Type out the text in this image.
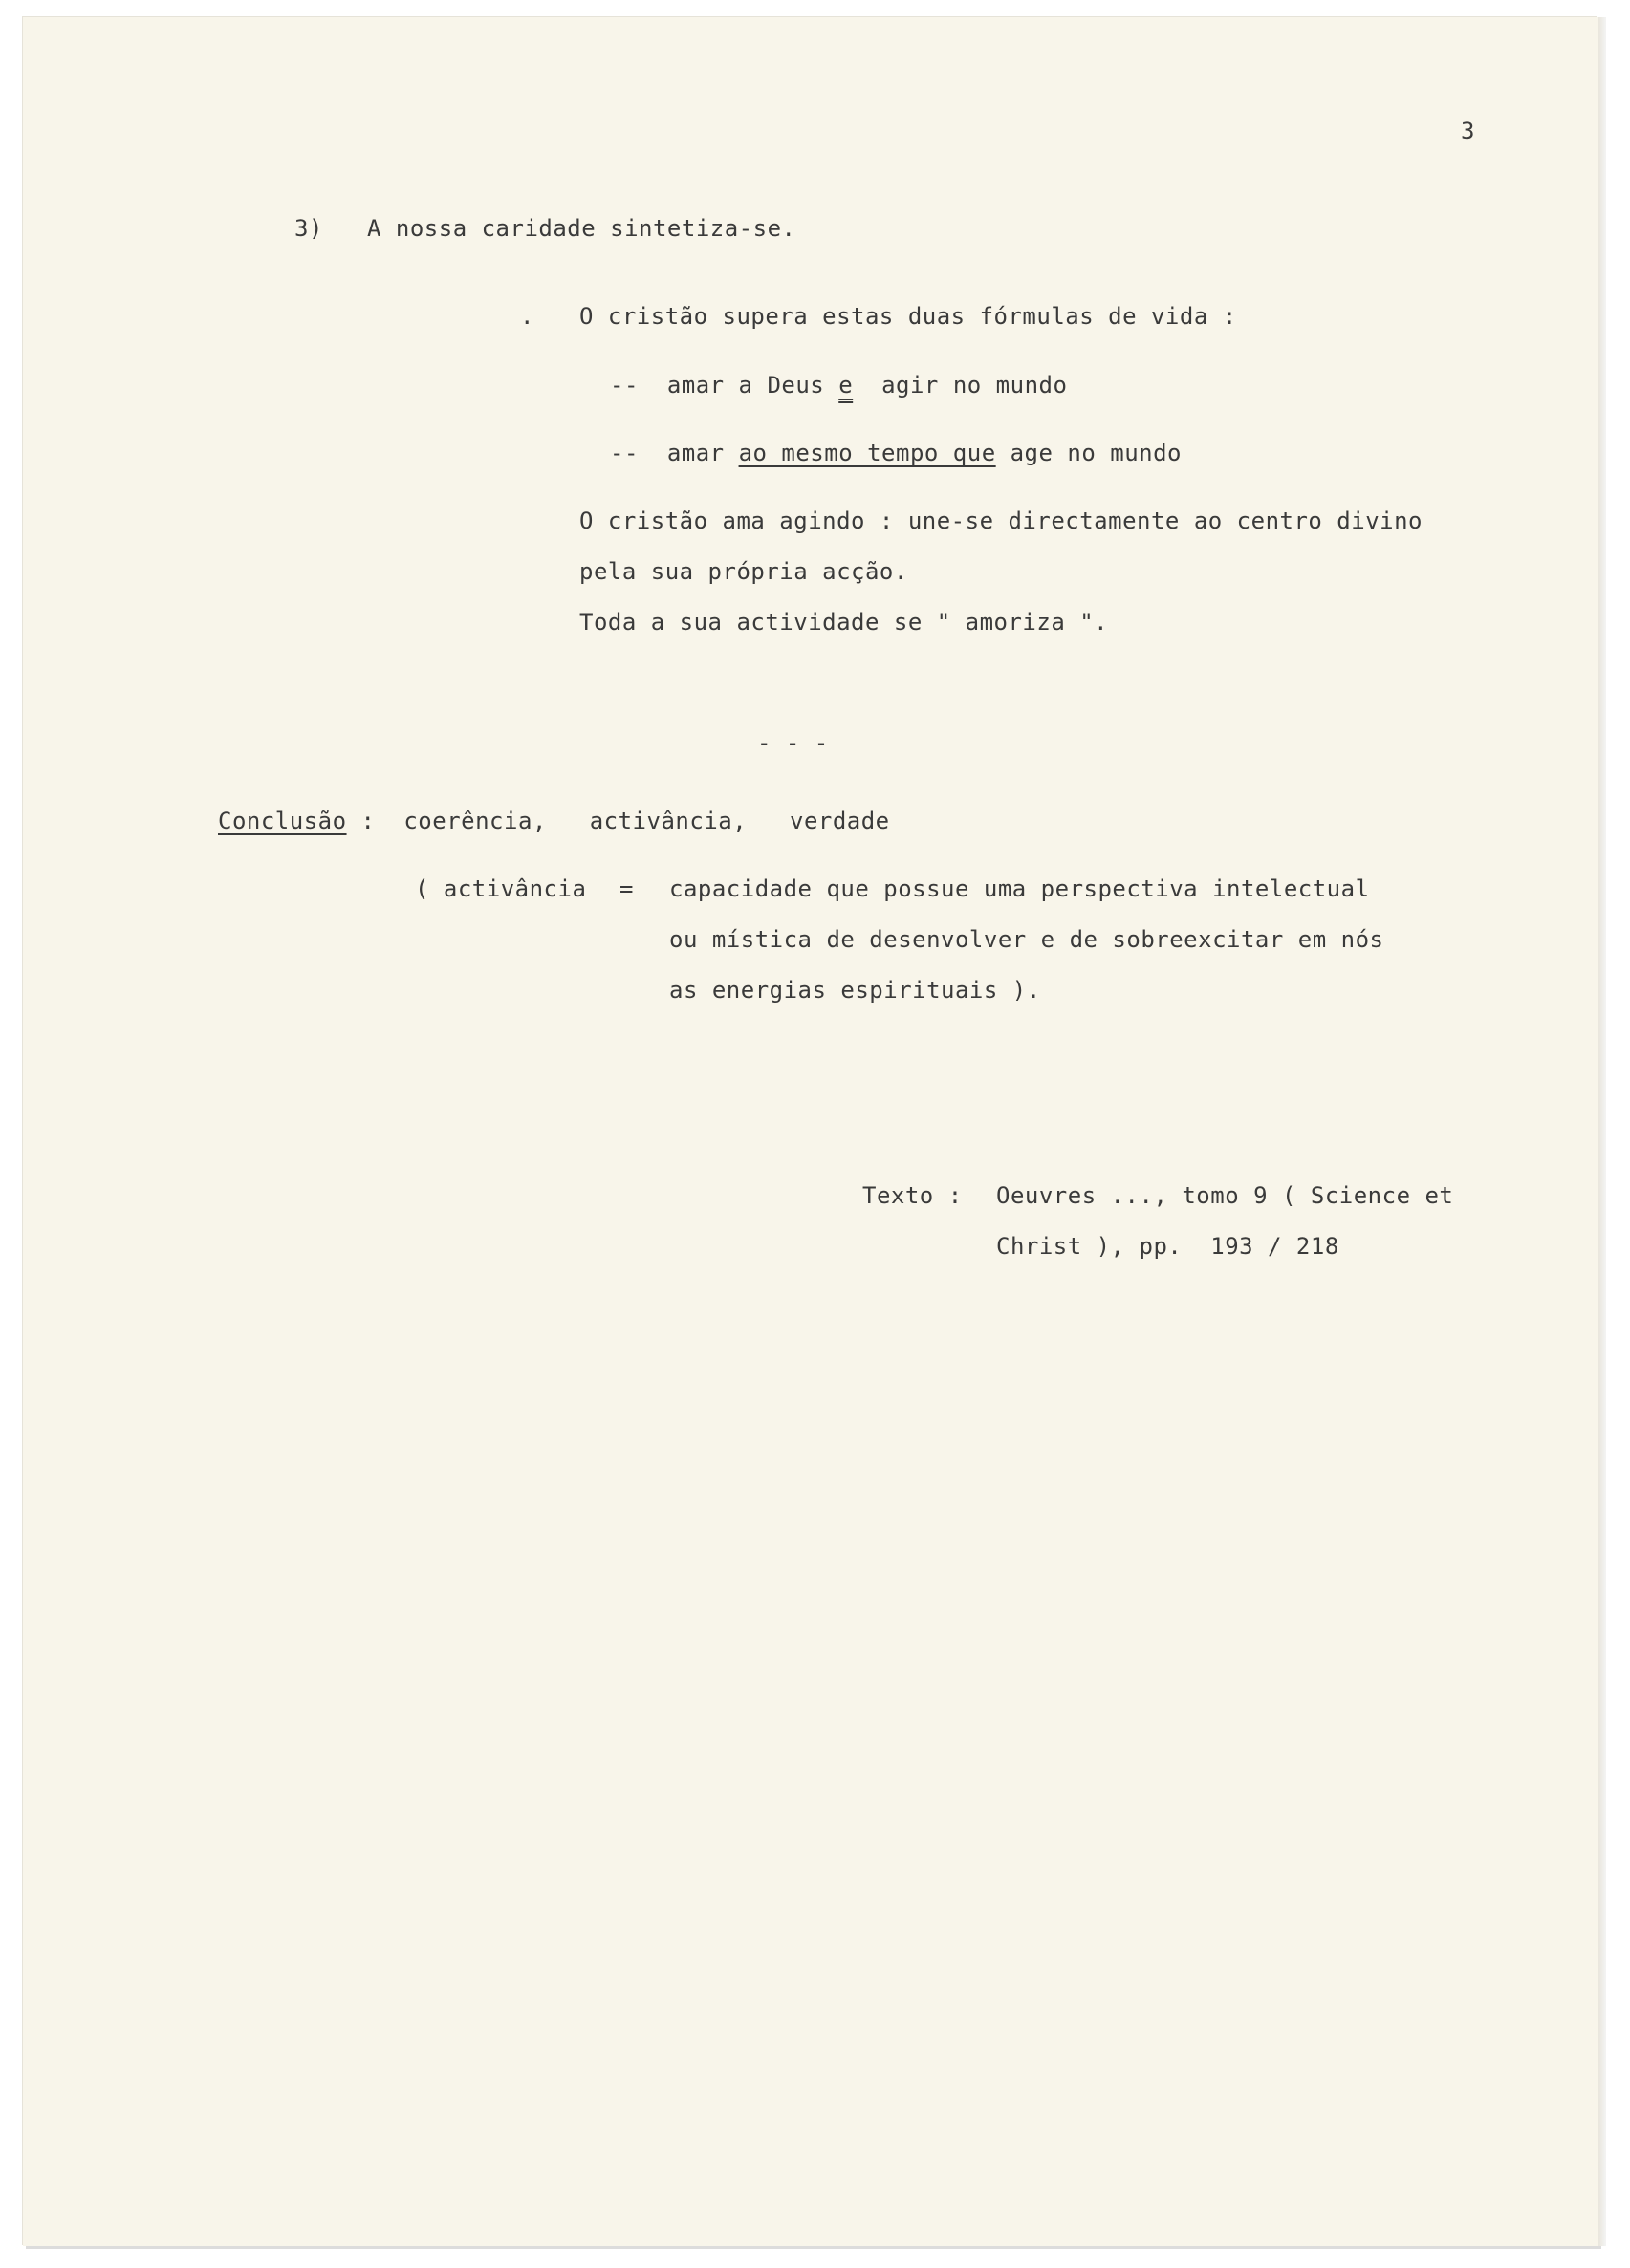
3
3) A nossa caridade sintetiza-se.
. O cristão supera estas duas fórmulas de vida :
-- amar a Deus e agir no mundo
-- amar ao mesmo tempo que age no mundo
O cristão ama agindo : une-se directamente ao centro divino
pela sua própria acção.
Toda a sua actividade se " amoriza ".
- - -
Conclusão : coerência,   activância,   verdade
( activância = capacidade que possue uma perspectiva intelectual
ou mística de desenvolver e de sobreexcitar em nós
as energias espirituais ).
Texto : Oeuvres ..., tomo 9 ( Science et
Christ ), pp.  193 / 218
